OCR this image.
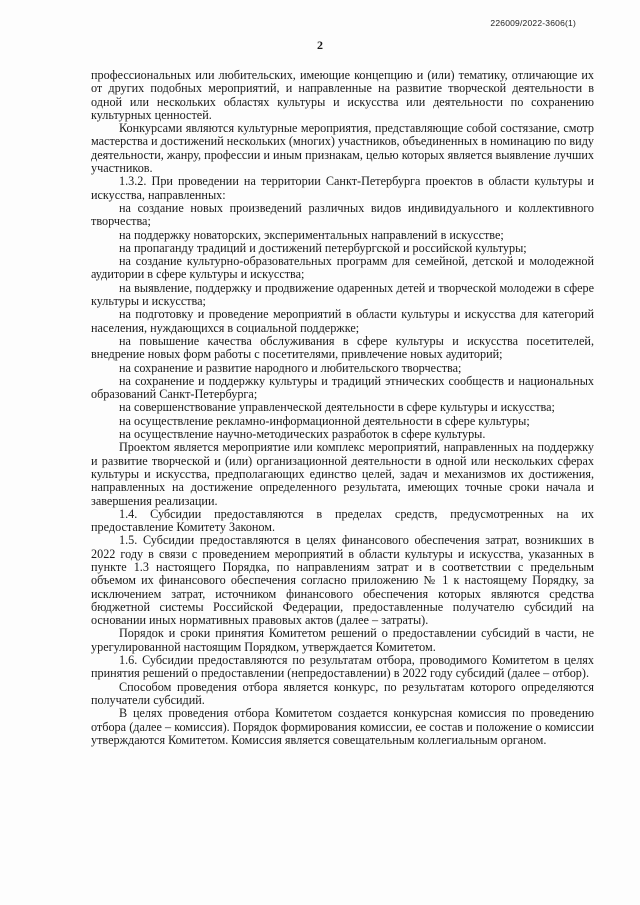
226009/2022-3606(1)
2

профессиональных или любительских, имеющие концепцию и (или) тематику, отличающие их от других подобных мероприятий, и направленные на развитие творческой деятельности в одной или нескольких областях культуры и искусства или деятельности по сохранению культурных ценностей.

Конкурсами являются культурные мероприятия, представляющие собой состязание, смотр мастерства и достижений нескольких (многих) участников, объединенных в номинацию по виду деятельности, жанру, профессии и иным признакам, целью которых является выявление лучших участников.

1.3.2. При проведении на территории Санкт-Петербурга проектов в области культуры и искусства, направленных:

на создание новых произведений различных видов индивидуального и коллективного творчества;

на поддержку новаторских, экспериментальных направлений в искусстве;

на пропаганду традиций и достижений петербургской и российской культуры;

на создание культурно-образовательных программ для семейной, детской и молодежной аудитории в сфере культуры и искусства;

на выявление, поддержку и продвижение одаренных детей и творческой молодежи в сфере культуры и искусства;

на подготовку и проведение мероприятий в области культуры и искусства для категорий населения, нуждающихся в социальной поддержке;

на повышение качества обслуживания в сфере культуры и искусства посетителей, внедрение новых форм работы с посетителями, привлечение новых аудиторий;

на сохранение и развитие народного и любительского творчества;

на сохранение и поддержку культуры и традиций этнических сообществ и национальных образований Санкт-Петербурга;

на совершенствование управленческой деятельности в сфере культуры и искусства;

на осуществление рекламно-информационной деятельности в сфере культуры;

на осуществление научно-методических разработок в сфере культуры.

Проектом является мероприятие или комплекс мероприятий, направленных на поддержку и развитие творческой и (или) организационной деятельности в одной или нескольких сферах культуры и искусства, предполагающих единство целей, задач и механизмов их достижения, направленных на достижение определенного результата, имеющих точные сроки начала и завершения реализации.

1.4. Субсидии предоставляются в пределах средств, предусмотренных на их предоставление Комитету Законом.

1.5. Субсидии предоставляются в целях финансового обеспечения затрат, возникших в 2022 году в связи с проведением мероприятий в области культуры и искусства, указанных в пункте 1.3 настоящего Порядка, по направлениям затрат и в соответствии с предельным объемом их финансового обеспечения согласно приложению № 1 к настоящему Порядку, за исключением затрат, источником финансового обеспечения которых являются средства бюджетной системы Российской Федерации, предоставленные получателю субсидий на основании иных нормативных правовых актов (далее – затраты).

Порядок и сроки принятия Комитетом решений о предоставлении субсидий в части, не урегулированной настоящим Порядком, утверждается Комитетом.

1.6. Субсидии предоставляются по результатам отбора, проводимого Комитетом в целях принятия решений о предоставлении (непредоставлении) в 2022 году субсидий (далее – отбор).

Способом проведения отбора является конкурс, по результатам которого определяются получатели субсидий.

В целях проведения отбора Комитетом создается конкурсная комиссия по проведению отбора (далее – комиссия). Порядок формирования комиссии, ее состав и положение о комиссии утверждаются Комитетом. Комиссия является совещательным коллегиальным органом.
